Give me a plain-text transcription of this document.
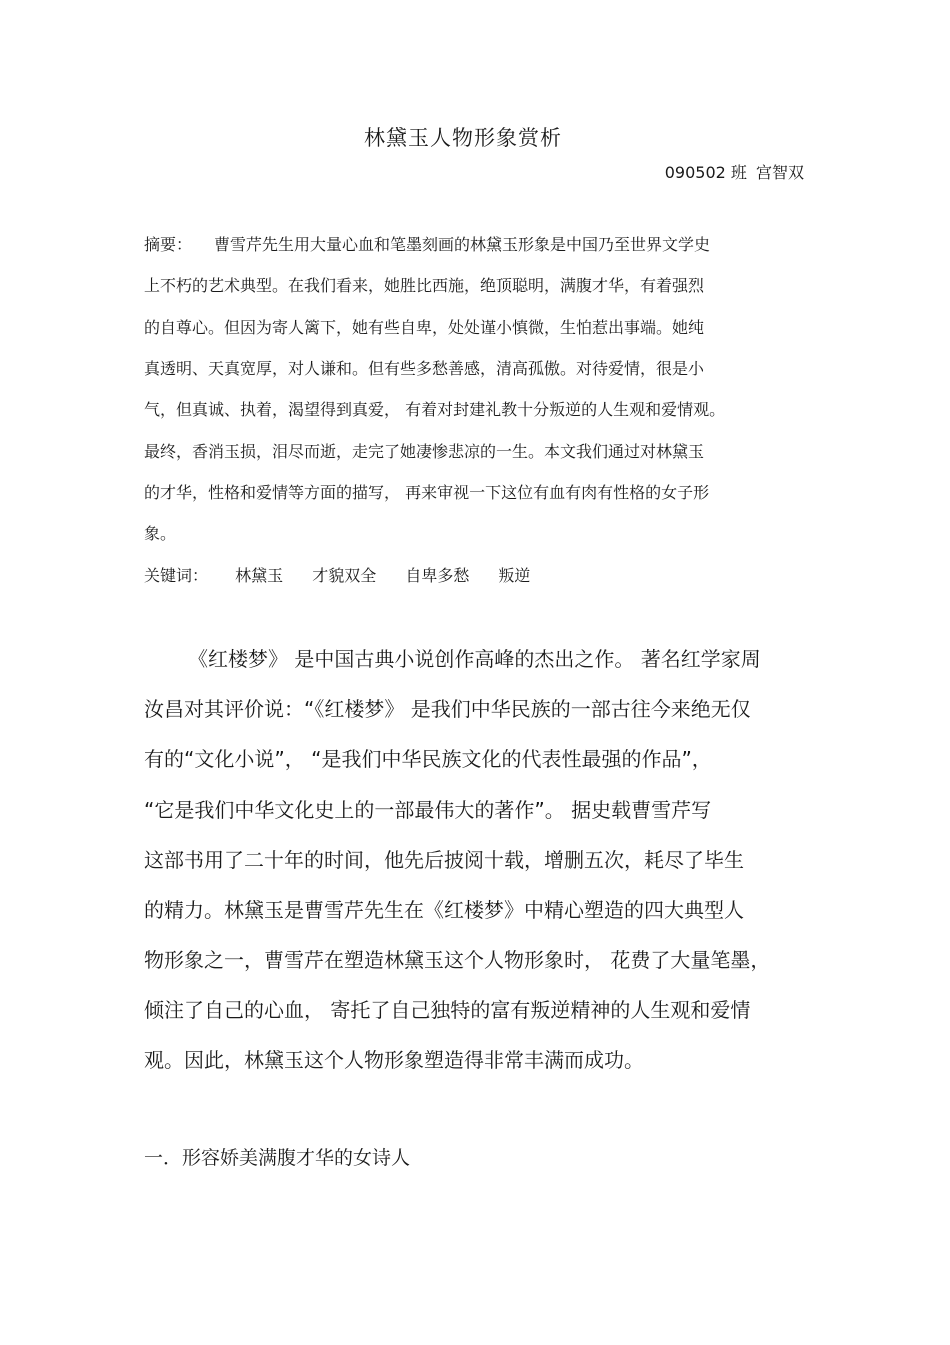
林黛玉人物形象赏析
090502 班 宫智双
摘要： 曹雪芹先生用大量心血和笔墨刻画的林黛玉形象是中国乃至世界文学史
上不朽的艺术典型。在我们看来，她胜比西施，绝顶聪明，满腹才华，有着强烈
的自尊心。但因为寄人篱下，她有些自卑，处处谨小慎微，生怕惹出事端。她纯
真透明、天真宽厚，对人谦和。但有些多愁善感，清高孤傲。对待爱情，很是小
气，但真诚、执着，渴望得到真爱， 有着对封建礼教十分叛逆的人生观和爱情观。
最终，香消玉损，泪尽而逝，走完了她凄惨悲凉的一生。本文我们通过对林黛玉
的才华，性格和爱情等方面的描写， 再来审视一下这位有血有肉有性格的女子形
象。
关键词： 林黛玉 才貌双全 自卑多愁 叛逆
《红楼梦》 是中国古典小说创作高峰的杰出之作。 著名红学家周
汝昌对其评价说：“《红楼梦》 是我们中华民族的一部古往今来绝无仅
有的“文化小说”， “是我们中华民族文化的代表性最强的作品”，
“它是我们中华文化史上的一部最伟大的著作”。 据史载曹雪芹写
这部书用了二十年的时间，他先后披阅十载，增删五次，耗尽了毕生
的精力。林黛玉是曹雪芹先生在《红楼梦》中精心塑造的四大典型人
物形象之一，曹雪芹在塑造林黛玉这个人物形象时， 花费了大量笔墨，
倾注了自己的心血， 寄托了自己独特的富有叛逆精神的人生观和爱情
观。因此，林黛玉这个人物形象塑造得非常丰满而成功。
一．形容娇美满腹才华的女诗人
